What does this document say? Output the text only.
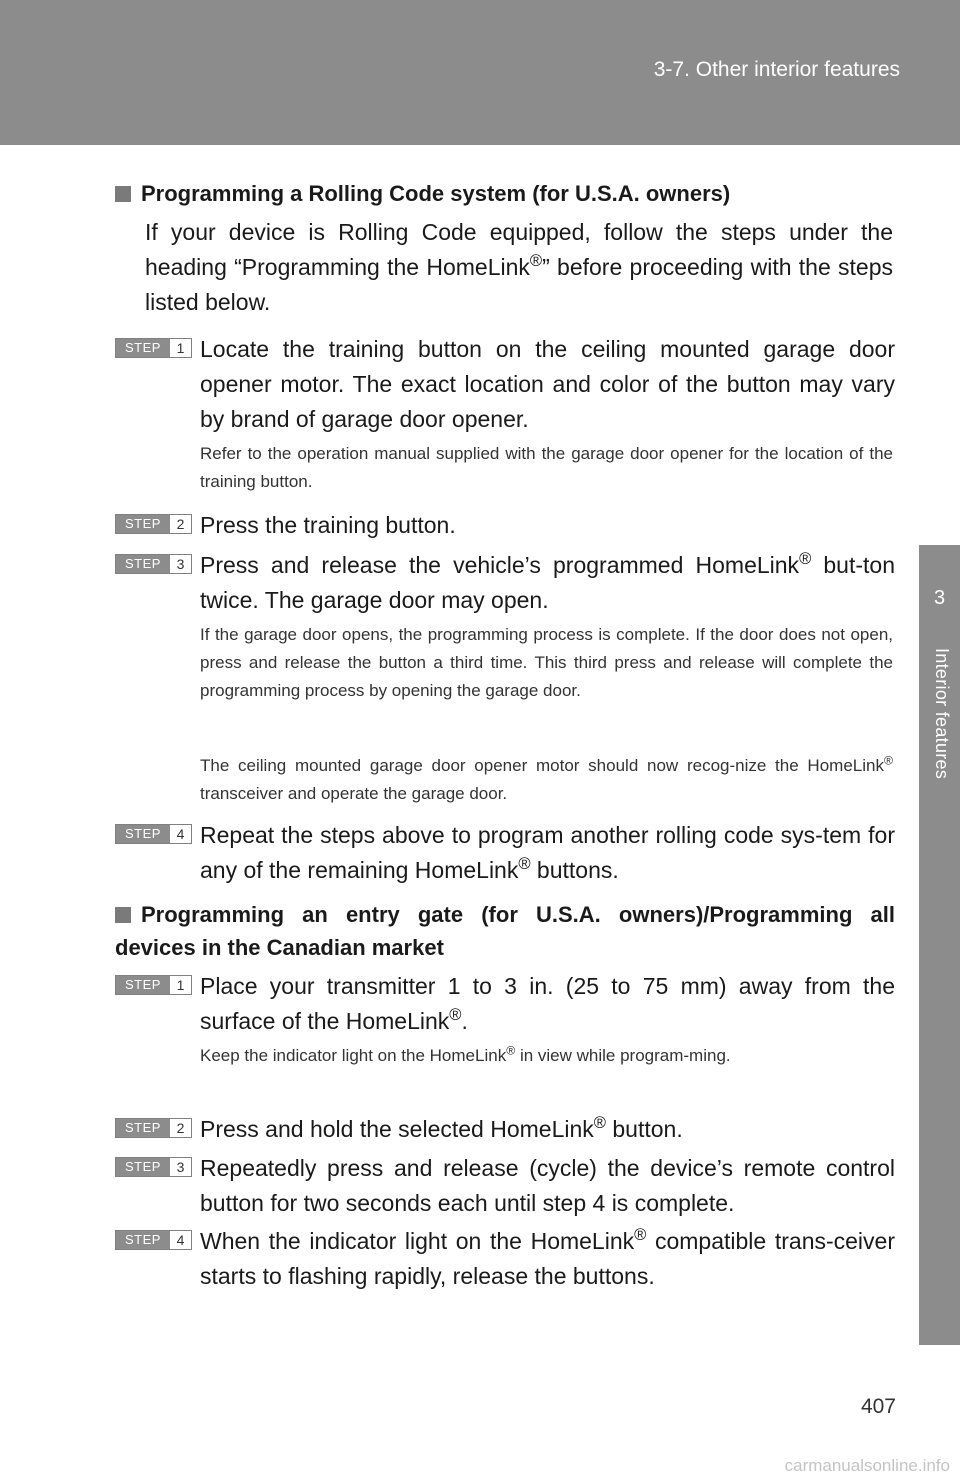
3-7. Other interior features
3
Interior features
Programming a Rolling Code system (for U.S.A. owners)
If your device is Rolling Code equipped, follow the steps under the heading “Programming the HomeLink®” before proceeding with the steps listed below.
STEP	1 Locate the training button on the ceiling mounted garage door opener motor. The exact location and color of the button may vary by brand of garage door opener.
Refer to the operation manual supplied with the garage door opener for the location of the training button.
STEP	2 Press the training button.
STEP	3 Press and release the vehicle’s programmed HomeLink® but-ton twice. The garage door may open.
If the garage door opens, the programming process is complete. If the door does not open, press and release the button a third time. This third press and release will complete the programming process by opening the garage door.
The ceiling mounted garage door opener motor should now recog-nize the HomeLink® transceiver and operate the garage door.
STEP	4 Repeat the steps above to program another rolling code sys-tem for any of the remaining HomeLink® buttons.
Programming an entry gate (for U.S.A. owners)/Programming all devices in the Canadian market
STEP	1 Place your transmitter 1 to 3 in. (25 to 75 mm) away from the surface of the HomeLink®.
Keep the indicator light on the HomeLink® in view while program-ming.
STEP	2 Press and hold the selected HomeLink® button.
STEP	3 Repeatedly press and release (cycle) the device’s remote control button for two seconds each until step 4 is complete.
STEP	4 When the indicator light on the HomeLink® compatible trans-ceiver starts to flashing rapidly, release the buttons.
407
carmanualsonline.info
